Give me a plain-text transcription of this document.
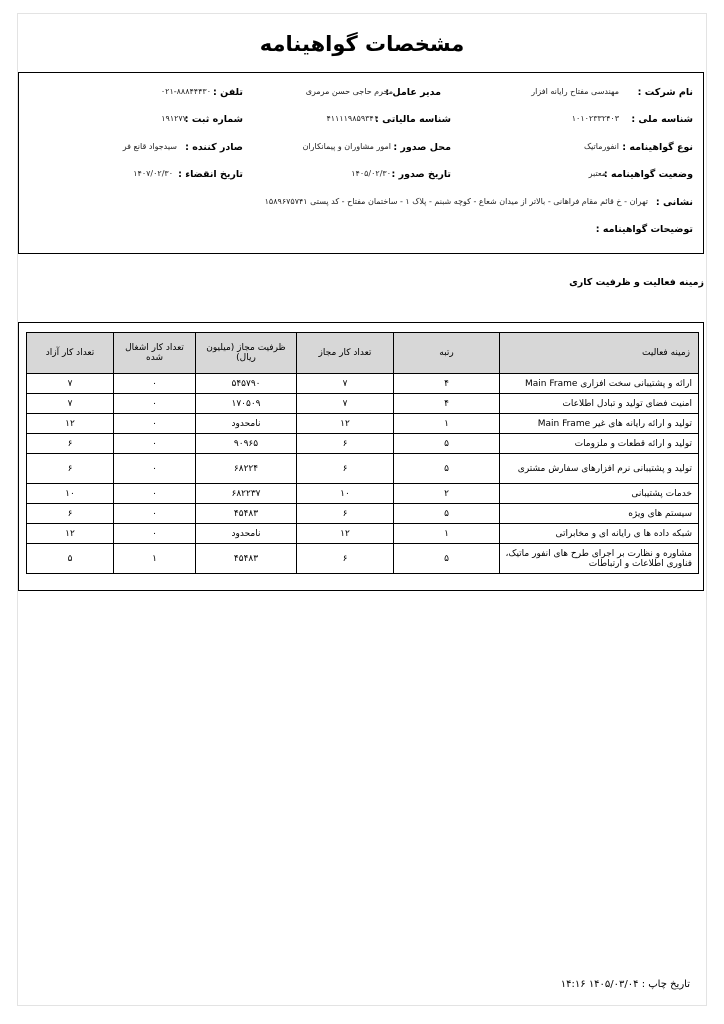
مشخصات گواهینامه
نام شرکت :
مهندسی مفتاح رایانه افزار
مدیر عامل :
محرم حاجی حسن مرمری
تلفن :
۰۲۱-۸۸۸۴۴۴۳۰
شناسه ملی :
۱۰۱۰۲۳۳۲۴۰۳
شناسه مالیاتی :
۴۱۱۱۱۹۸۵۹۳۴۱
شماره ثبت :
۱۹۱۲۷۷
نوع گواهینامه :
انفورماتیک
محل صدور :
امور مشاوران و پیمانکاران
صادر کننده :
سیدجواد قانع فر
وضعیت گواهینامه :
معتبر
تاریخ صدور :
۱۴۰۵/۰۲/۳۰
تاریخ انقضاء :
۱۴۰۷/۰۲/۳۰
نشانی :
تهران - خ قائم مقام فراهانی - بالاتر از میدان شعاع - کوچه شبنم - پلاک ۱ - ساختمان مفتاح - کد پستی ۱۵۸۹۶۷۵۷۴۱
توضیحات گواهینامه :
زمینه فعالیت و ظرفیت کاری
زمینه فعالیت	رتبه	تعداد کار مجاز	ظرفیت مجاز (میلیون ریال)	تعداد کار اشغال شده	تعداد کار آزاد
ارائه و پشتیبانی سخت افزاری Main Frame	۴	۷	۵۴۵۷۹۰	۰	۷
امنیت فضای تولید و تبادل اطلاعات	۴	۷	۱۷۰۵۰۹	۰	۷
تولید و ارائه رایانه های غیر Main Frame	۱	۱۲	نامحدود	۰	۱۲
تولید و ارائه قطعات و ملزومات	۵	۶	۹۰۹۶۵	۰	۶
تولید و پشتیبانی نرم افزارهای سفارش مشتری	۵	۶	۶۸۲۲۴	۰	۶
خدمات پشتیبانی	۲	۱۰	۶۸۲۲۳۷	۰	۱۰
سیستم های ویژه	۵	۶	۴۵۴۸۳	۰	۶
شبکه داده ها ی رایانه ای و مخابراتی	۱	۱۲	نامحدود	۰	۱۲
مشاوره و نظارت بر اجرای طرح های انفور ماتیک، فناوری اطلاعات و ارتباطات	۵	۶	۴۵۴۸۳	۱	۵
تاریخ چاپ : ۱۴۰۵/۰۳/۰۴ ۱۴:۱۶
